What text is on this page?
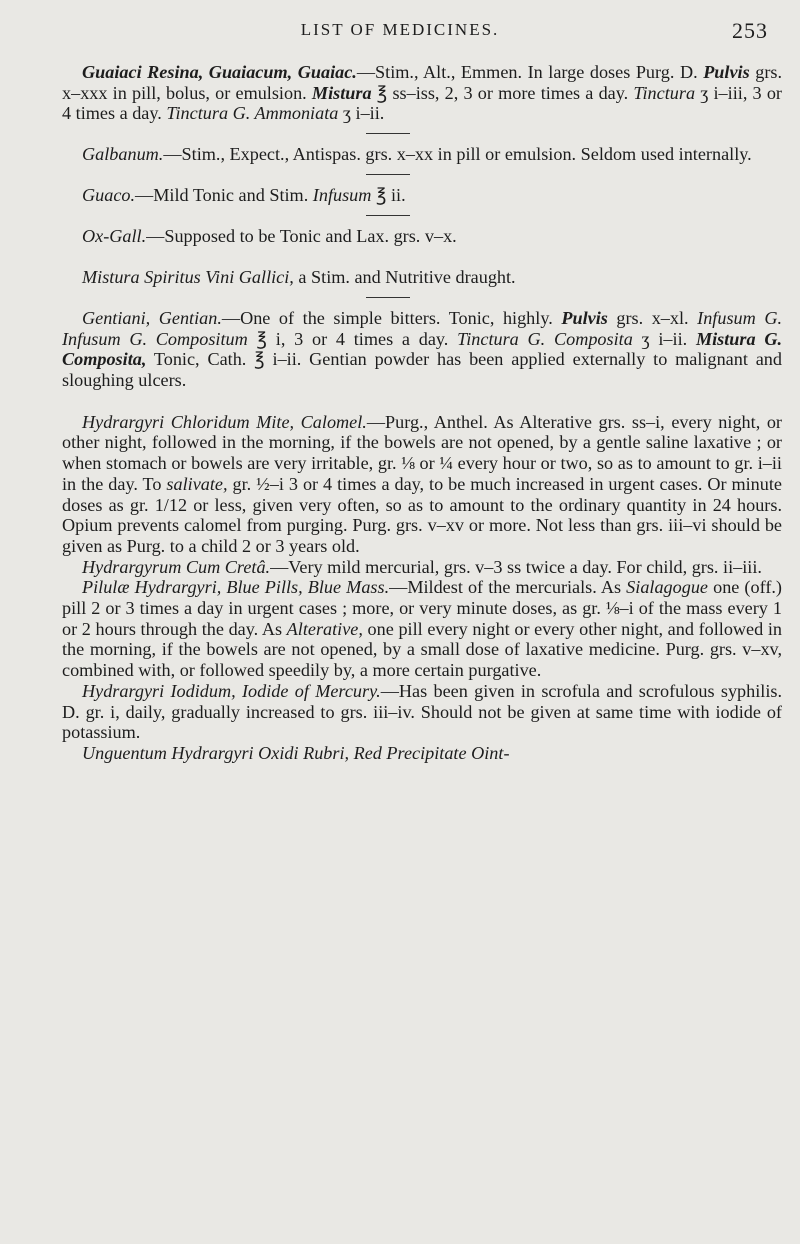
LIST OF MEDICINES.	253

Guaiaci Resina, Guaiacum, Guaiac.—Stim., Alt., Emmen. In large doses Purg. D. Pulvis grs. x–xxx in pill, bolus, or emulsion. Mistura ℥ ss–iss, 2, 3 or more times a day. Tinctura ʒ i–iii, 3 or 4 times a day. Tinctura G. Ammoniata ʒ i–ii.

Galbanum.—Stim., Expect., Antispas. grs. x–xx in pill or emulsion. Seldom used internally.

Guaco.—Mild Tonic and Stim. Infusum ℥ ii.

Ox-Gall.—Supposed to be Tonic and Lax. grs. v–x.

Mistura Spiritus Vini Gallici, a Stim. and Nutritive draught.

Gentiani, Gentian.—One of the simple bitters. Tonic, highly. Pulvis grs. x–xl. Infusum G. Infusum G. Compositum ℥ i, 3 or 4 times a day. Tinctura G. Composita ʒ i–ii. Mistura G. Composita, Tonic, Cath. ℥ i–ii. Gentian powder has been applied externally to malignant and sloughing ulcers.

Hydrargyri Chloridum Mite, Calomel.—Purg., Anthel. As Alterative grs. ss–i, every night, or other night, followed in the morning, if the bowels are not opened, by a gentle saline laxative ; or when stomach or bowels are very irritable, gr. ⅛ or ¼ every hour or two, so as to amount to gr. i–ii in the day. To salivate, gr. ½–i 3 or 4 times a day, to be much increased in urgent cases. Or minute doses as gr. 1/12 or less, given very often, so as to amount to the ordinary quantity in 24 hours. Opium prevents calomel from purging. Purg. grs. v–xv or more. Not less than grs. iii–vi should be given as Purg. to a child 2 or 3 years old.

Hydrargyrum Cum Cretâ.—Very mild mercurial, grs. v–3 ss twice a day. For child, grs. ii–iii.

Pilulæ Hydrargyri, Blue Pills, Blue Mass.—Mildest of the mercurials. As Sialagogue one (off.) pill 2 or 3 times a day in urgent cases ; more, or very minute doses, as gr. ⅛–i of the mass every 1 or 2 hours through the day. As Alterative, one pill every night or every other night, and followed in the morning, if the bowels are not opened, by a small dose of laxative medicine. Purg. grs. v–xv, combined with, or followed speedily by, a more certain purgative.

Hydrargyri Iodidum, Iodide of Mercury.—Has been given in scrofula and scrofulous syphilis. D. gr. i, daily, gradually increased to grs. iii–iv. Should not be given at same time with iodide of potassium.

Unguentum Hydrargyri Oxidi Rubri, Red Precipitate Oint-
